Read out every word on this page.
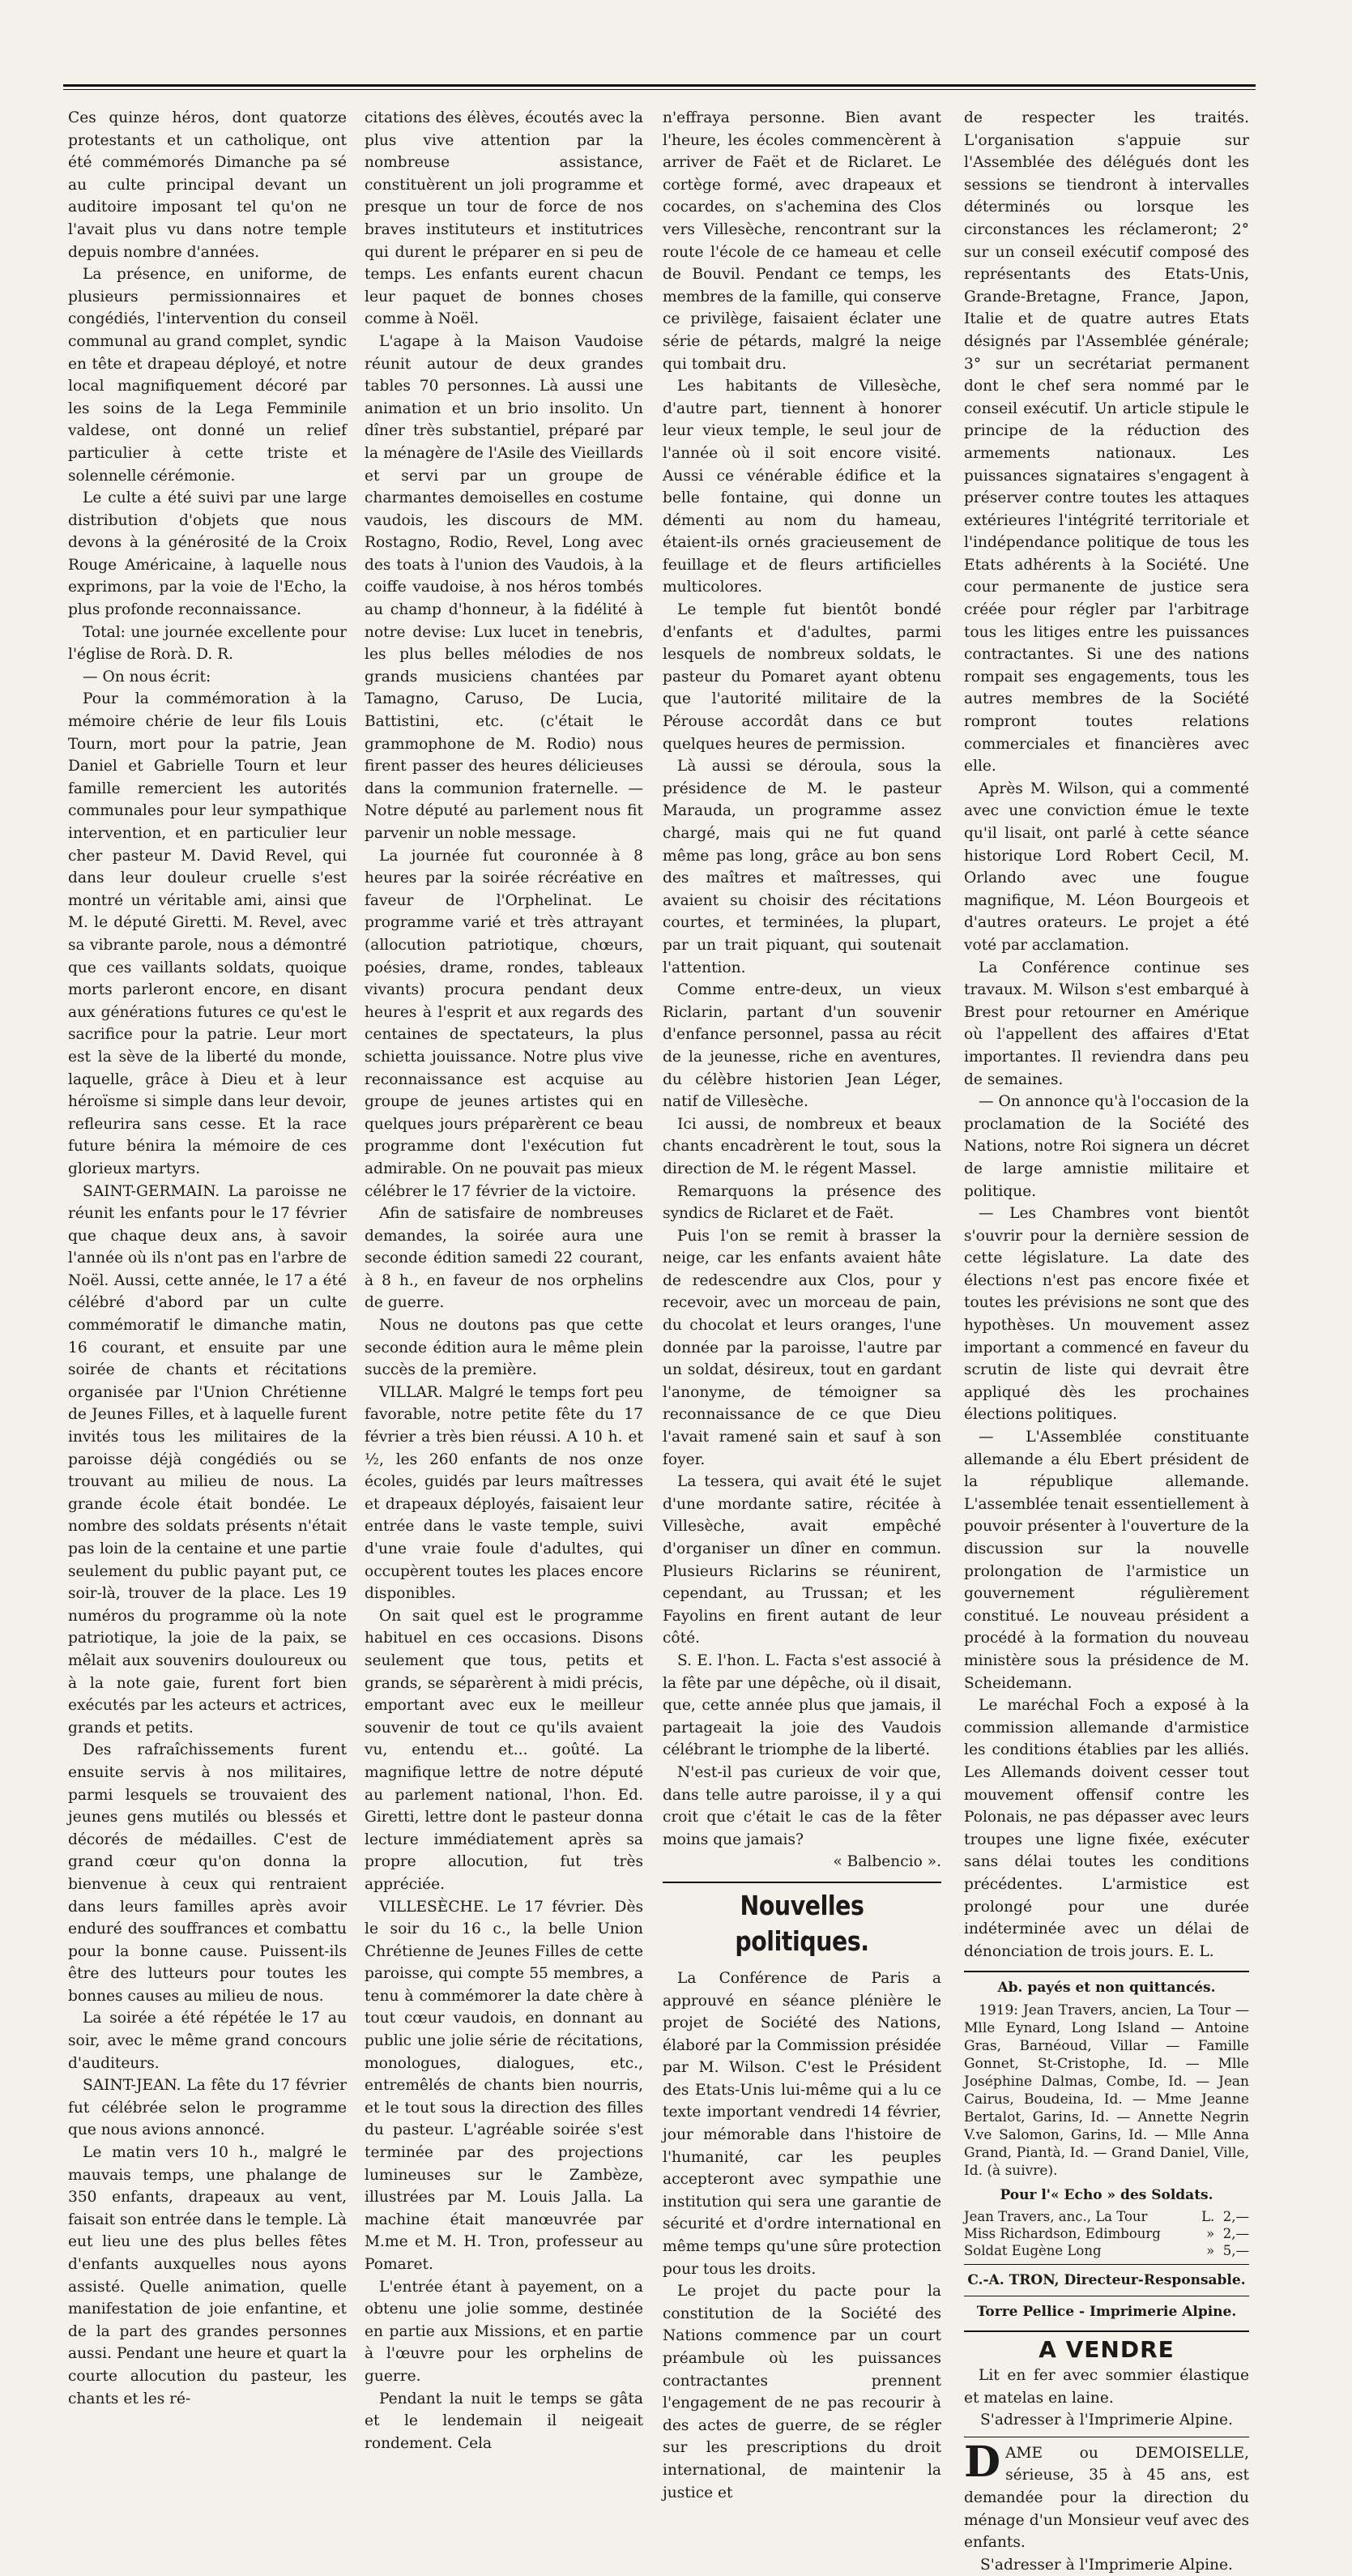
Ces quinze héros, dont quatorze protestants et un catholique, ont été commémorés Dimanche pa sé au culte principal devant un auditoire imposant tel qu'on ne l'avait plus vu dans notre temple depuis nombre d'années.

La présence, en uniforme, de plusieurs permissionnaires et congédiés, l'intervention du conseil communal au grand complet, syndic en tête et drapeau déployé, et notre local magnifiquement décoré par les soins de la Lega Femminile valdese, ont donné un relief particulier à cette triste et solennelle cérémonie.

Le culte a été suivi par une large distribution d'objets que nous devons à la générosité de la Croix Rouge Américaine, à laquelle nous exprimons, par la voie de l'Echo, la plus profonde reconnaissance.

Total: une journée excellente pour l'église de Rorà. D. R.

— On nous écrit:

Pour la commémoration à la mémoire chérie de leur fils Louis Tourn, mort pour la patrie, Jean Daniel et Gabrielle Tourn et leur famille remercient les autorités communales pour leur sympathique intervention, et en particulier leur cher pasteur M. David Revel, qui dans leur douleur cruelle s'est montré un véritable ami, ainsi que M. le député Giretti. M. Revel, avec sa vibrante parole, nous a démontré que ces vaillants soldats, quoique morts parleront encore, en disant aux générations futures ce qu'est le sacrifice pour la patrie. Leur mort est la sève de la liberté du monde, laquelle, grâce à Dieu et à leur héroïsme si simple dans leur devoir, refleurira sans cesse. Et la race future bénira la mémoire de ces glorieux martyrs.

SAINT-GERMAIN. La paroisse ne réunit les enfants pour le 17 février que chaque deux ans, à savoir l'année où ils n'ont pas en l'arbre de Noël. Aussi, cette année, le 17 a été célébré d'abord par un culte commémoratif le dimanche matin, 16 courant, et ensuite par une soirée de chants et récitations organisée par l'Union Chrétienne de Jeunes Filles, et à laquelle furent invités tous les militaires de la paroisse déjà congédiés ou se trouvant au milieu de nous. La grande école était bondée. Le nombre des soldats présents n'était pas loin de la centaine et une partie seulement du public payant put, ce soir-là, trouver de la place. Les 19 numéros du programme où la note patriotique, la joie de la paix, se mêlait aux souvenirs douloureux ou à la note gaie, furent fort bien exécutés par les acteurs et actrices, grands et petits.

Des rafraîchissements furent ensuite servis à nos militaires, parmi lesquels se trouvaient des jeunes gens mutilés ou blessés et décorés de médailles. C'est de grand cœur qu'on donna la bienvenue à ceux qui rentraient dans leurs familles après avoir enduré des souffrances et combattu pour la bonne cause. Puissent-ils être des lutteurs pour toutes les bonnes causes au milieu de nous.

La soirée a été répétée le 17 au soir, avec le même grand concours d'auditeurs.

SAINT-JEAN. La fête du 17 février fut célébrée selon le programme que nous avions annoncé.

Le matin vers 10 h., malgré le mauvais temps, une phalange de 350 enfants, drapeaux au vent, faisait son entrée dans le temple. Là eut lieu une des plus belles fêtes d'enfants auxquelles nous ayons assisté. Quelle animation, quelle manifestation de joie enfantine, et de la part des grandes personnes aussi. Pendant une heure et quart la courte allocution du pasteur, les chants et les ré-

citations des élèves, écoutés avec la plus vive attention par la nombreuse assistance, constituèrent un joli programme et presque un tour de force de nos braves instituteurs et institutrices qui durent le préparer en si peu de temps. Les enfants eurent chacun leur paquet de bonnes choses comme à Noël.

L'agape à la Maison Vaudoise réunit autour de deux grandes tables 70 personnes. Là aussi une animation et un brio insolito. Un dîner très substantiel, préparé par la ménagère de l'Asile des Vieillards et servi par un groupe de charmantes demoiselles en costume vaudois, les discours de MM. Rostagno, Rodio, Revel, Long avec des toats à l'union des Vaudois, à la coiffe vaudoise, à nos héros tombés au champ d'honneur, à la fidélité à notre devise: Lux lucet in tenebris, les plus belles mélodies de nos grands musiciens chantées par Tamagno, Caruso, De Lucia, Battistini, etc. (c'était le grammophone de M. Rodio) nous firent passer des heures délicieuses dans la communion fraternelle. — Notre député au parlement nous fit parvenir un noble message.

La journée fut couronnée à 8 heures par la soirée récréative en faveur de l'Orphelinat. Le programme varié et très attrayant (allocution patriotique, chœurs, poésies, drame, rondes, tableaux vivants) procura pendant deux heures à l'esprit et aux regards des centaines de spectateurs, la plus schietta jouissance. Notre plus vive reconnaissance est acquise au groupe de jeunes artistes qui en quelques jours préparèrent ce beau programme dont l'exécution fut admirable. On ne pouvait pas mieux célébrer le 17 février de la victoire.

Afin de satisfaire de nombreuses demandes, la soirée aura une seconde édition samedi 22 courant, à 8 h., en faveur de nos orphelins de guerre.

Nous ne doutons pas que cette seconde édition aura le même plein succès de la première.

VILLAR. Malgré le temps fort peu favorable, notre petite fête du 17 février a très bien réussi. A 10 h. et ½, les 260 enfants de nos onze écoles, guidés par leurs maîtresses et drapeaux déployés, faisaient leur entrée dans le vaste temple, suivi d'une vraie foule d'adultes, qui occupèrent toutes les places encore disponibles.

On sait quel est le programme habituel en ces occasions. Disons seulement que tous, petits et grands, se séparèrent à midi précis, emportant avec eux le meilleur souvenir de tout ce qu'ils avaient vu, entendu et... goûté. La magnifique lettre de notre député au parlement national, l'hon. Ed. Giretti, lettre dont le pasteur donna lecture immédiatement après sa propre allocution, fut très appréciée.

VILLESÈCHE. Le 17 février. Dès le soir du 16 c., la belle Union Chrétienne de Jeunes Filles de cette paroisse, qui compte 55 membres, a tenu à commémorer la date chère à tout cœur vaudois, en donnant au public une jolie série de récitations, monologues, dialogues, etc., entremêlés de chants bien nourris, et le tout sous la direction des filles du pasteur. L'agréable soirée s'est terminée par des projections lumineuses sur le Zambèze, illustrées par M. Louis Jalla. La machine était manœuvrée par M.me et M. H. Tron, professeur au Pomaret.

L'entrée étant à payement, on a obtenu une jolie somme, destinée en partie aux Missions, et en partie à l'œuvre pour les orphelins de guerre.

Pendant la nuit le temps se gâta et le lendemain il neigeait rondement. Cela

n'effraya personne. Bien avant l'heure, les écoles commencèrent à arriver de Faët et de Riclaret. Le cortège formé, avec drapeaux et cocardes, on s'achemina des Clos vers Villesèche, rencontrant sur la route l'école de ce hameau et celle de Bouvil. Pendant ce temps, les membres de la famille, qui conserve ce privilège, faisaient éclater une série de pétards, malgré la neige qui tombait dru.

Les habitants de Villesèche, d'autre part, tiennent à honorer leur vieux temple, le seul jour de l'année où il soit encore visité. Aussi ce vénérable édifice et la belle fontaine, qui donne un démenti au nom du hameau, étaient-ils ornés gracieusement de feuillage et de fleurs artificielles multicolores.

Le temple fut bientôt bondé d'enfants et d'adultes, parmi lesquels de nombreux soldats, le pasteur du Pomaret ayant obtenu que l'autorité militaire de la Pérouse accordât dans ce but quelques heures de permission.

Là aussi se déroula, sous la présidence de M. le pasteur Marauda, un programme assez chargé, mais qui ne fut quand même pas long, grâce au bon sens des maîtres et maîtresses, qui avaient su choisir des récitations courtes, et terminées, la plupart, par un trait piquant, qui soutenait l'attention.

Comme entre-deux, un vieux Riclarin, partant d'un souvenir d'enfance personnel, passa au récit de la jeunesse, riche en aventures, du célèbre historien Jean Léger, natif de Villesèche.

Ici aussi, de nombreux et beaux chants encadrèrent le tout, sous la direction de M. le régent Massel.

Remarquons la présence des syndics de Riclaret et de Faët.

Puis l'on se remit à brasser la neige, car les enfants avaient hâte de redescendre aux Clos, pour y recevoir, avec un morceau de pain, du chocolat et leurs oranges, l'une donnée par la paroisse, l'autre par un soldat, désireux, tout en gardant l'anonyme, de témoigner sa reconnaissance de ce que Dieu l'avait ramené sain et sauf à son foyer.

La tessera, qui avait été le sujet d'une mordante satire, récitée à Villesèche, avait empêché d'organiser un dîner en commun. Plusieurs Riclarins se réunirent, cependant, au Trussan; et les Fayolins en firent autant de leur côté.

S. E. l'hon. L. Facta s'est associé à la fête par une dépêche, où il disait, que, cette année plus que jamais, il partageait la joie des Vaudois célébrant le triomphe de la liberté.

N'est-il pas curieux de voir que, dans telle autre paroisse, il y a qui croit que c'était le cas de la fêter moins que jamais?

« Balbencio ».

Nouvelles politiques.

La Conférence de Paris a approuvé en séance plénière le projet de Société des Nations, élaboré par la Commission présidée par M. Wilson. C'est le Président des Etats-Unis lui-même qui a lu ce texte important vendredi 14 février, jour mémorable dans l'histoire de l'humanité, car les peuples accepteront avec sympathie une institution qui sera une garantie de sécurité et d'ordre international en même temps qu'une sûre protection pour tous les droits.

Le projet du pacte pour la constitution de la Société des Nations commence par un court préambule où les puissances contractantes prennent l'engagement de ne pas recourir à des actes de guerre, de se régler sur les prescriptions du droit international, de maintenir la justice et

de respecter les traités. L'organisation s'appuie sur l'Assemblée des délégués dont les sessions se tiendront à intervalles déterminés ou lorsque les circonstances les réclameront; 2° sur un conseil exécutif composé des représentants des Etats-Unis, Grande-Bretagne, France, Japon, Italie et de quatre autres Etats désignés par l'Assemblée générale; 3° sur un secrétariat permanent dont le chef sera nommé par le conseil exécutif. Un article stipule le principe de la réduction des armements nationaux. Les puissances signataires s'engagent à préserver contre toutes les attaques extérieures l'intégrité territoriale et l'indépendance politique de tous les Etats adhérents à la Société. Une cour permanente de justice sera créée pour régler par l'arbitrage tous les litiges entre les puissances contractantes. Si une des nations rompait ses engagements, tous les autres membres de la Société rompront toutes relations commerciales et financières avec elle.

Après M. Wilson, qui a commenté avec une conviction émue le texte qu'il lisait, ont parlé à cette séance historique Lord Robert Cecil, M. Orlando avec une fougue magnifique, M. Léon Bourgeois et d'autres orateurs. Le projet a été voté par acclamation.

La Conférence continue ses travaux. M. Wilson s'est embarqué à Brest pour retourner en Amérique où l'appellent des affaires d'Etat importantes. Il reviendra dans peu de semaines.

— On annonce qu'à l'occasion de la proclamation de la Société des Nations, notre Roi signera un décret de large amnistie militaire et politique.

— Les Chambres vont bientôt s'ouvrir pour la dernière session de cette législature. La date des élections n'est pas encore fixée et toutes les prévisions ne sont que des hypothèses. Un mouvement assez important a commencé en faveur du scrutin de liste qui devrait être appliqué dès les prochaines élections politiques.

— L'Assemblée constituante allemande a élu Ebert président de la république allemande. L'assemblée tenait essentiellement à pouvoir présenter à l'ouverture de la discussion sur la nouvelle prolongation de l'armistice un gouvernement régulièrement constitué. Le nouveau président a procédé à la formation du nouveau ministère sous la présidence de M. Scheidemann.

Le maréchal Foch a exposé à la commission allemande d'armistice les conditions établies par les alliés. Les Allemands doivent cesser tout mouvement offensif contre les Polonais, ne pas dépasser avec leurs troupes une ligne fixée, exécuter sans délai toutes les conditions précédentes. L'armistice est prolongé pour une durée indéterminée avec un délai de dénonciation de trois jours. E. L.

Ab. payés et non quittancés.

1919: Jean Travers, ancien, La Tour — Mlle Eynard, Long Island — Antoine Gras, Barnéoud, Villar — Famille Gonnet, St-Cristophe, Id. — Mlle Joséphine Dalmas, Combe, Id. — Jean Cairus, Boudeina, Id. — Mme Jeanne Bertalot, Garins, Id. — Annette Negrin V.ve Salomon, Garins, Id. — Mlle Anna Grand, Piantà, Id. — Grand Daniel, Ville, Id. (à suivre).

Pour l'« Echo » des Soldats.
Jean Travers, anc., La Tour	L.  2,—
Miss Richardson, Edimbourg	»  2,—
Soldat Eugène Long	»  5,—
C.-A. TRON, Directeur-Responsable.
Torre Pellice - Imprimerie Alpine.
A VENDRE

Lit en fer avec sommier élastique et matelas en laine.

S'adresser à l'Imprimerie Alpine.

DAME ou DEMOISELLE, sérieuse, 35 à 45 ans, est demandée pour la direction du ménage d'un Monsieur veuf avec des enfants.

S'adresser à l'Imprimerie Alpine.
